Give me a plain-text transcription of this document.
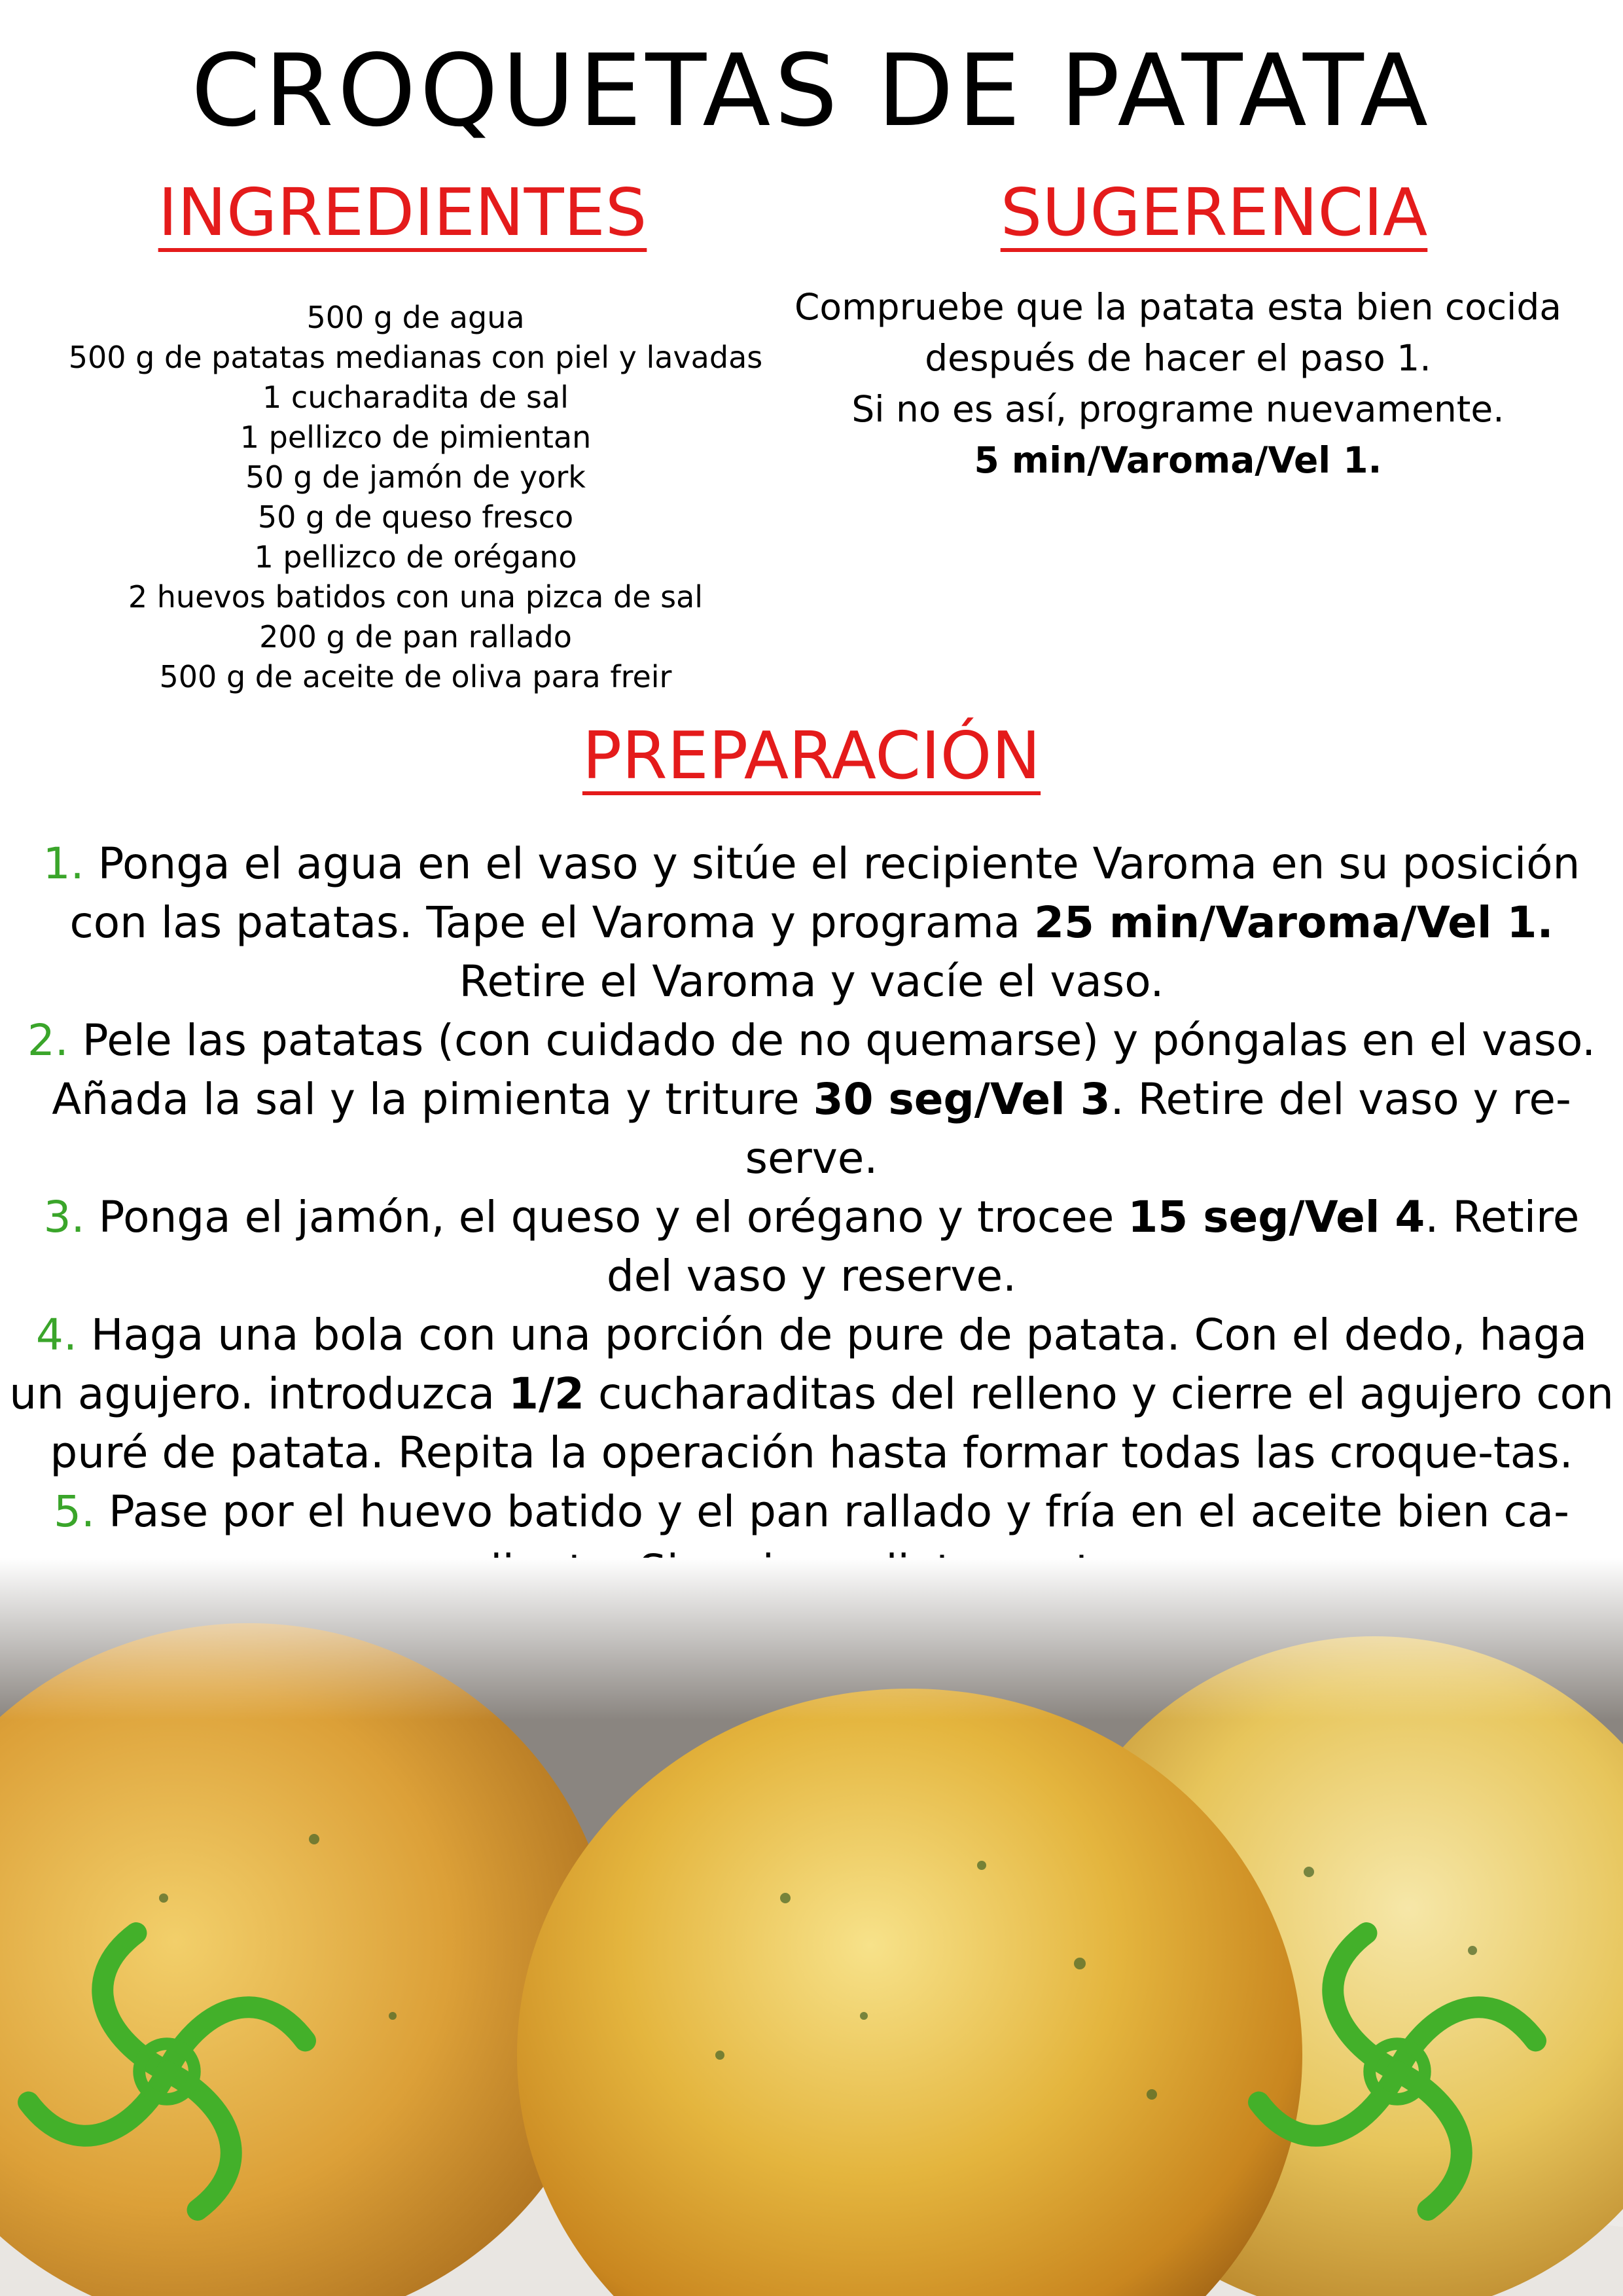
CROQUETAS DE PATATA
INGREDIENTES
500 g de agua
500 g de patatas medianas con piel y lavadas
1 cucharadita de sal
1 pellizco de pimientan
50 g de jamón de york
50 g de queso fresco
1 pellizco de orégano
2 huevos batidos con una pizca de sal
200 g de pan rallado
500 g de aceite de oliva para freir
SUGERENCIA
Compruebe que la patata esta bien cocida
después de hacer el paso 1.
Si no es así, programe nuevamente.
5 min/Varoma/Vel 1.
PREPARACIÓN
1. Ponga el agua en el vaso y sitúe el recipiente Varoma en su posición con las patatas. Tape el Varoma y programa 25 min/Varoma/Vel 1. Retire el Varoma y vacíe el vaso.
2. Pele las patatas (con cuidado de no quemarse) y póngalas en el vaso. Añada la sal y la pimienta y triture 30 seg/Vel 3. Retire del vaso y re-serve.
3. Ponga el jamón, el queso y el orégano y trocee 15 seg/Vel 4. Retire del vaso y reserve.
4. Haga una bola con una porción de pure de patata. Con el dedo, haga un agujero. introduzca 1/2 cucharaditas del relleno y cierre el agujero con puré de patata. Repita la operación hasta formar todas las croque-tas.
5. Pase por el huevo batido y el pan rallado y fría en el aceite bien ca-
